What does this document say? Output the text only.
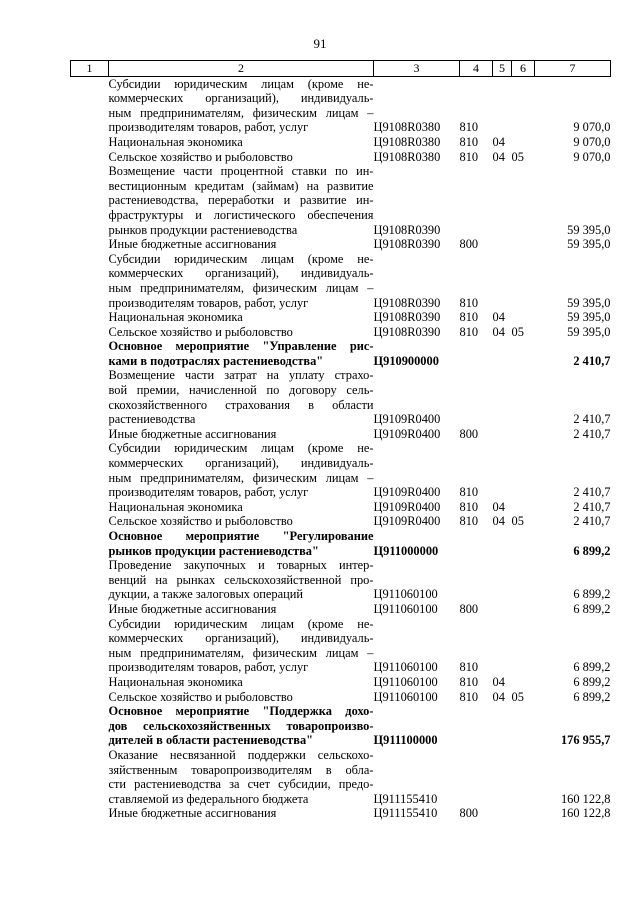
91
1	2	3	4	5	6	7

	Субсидии юридическим лицам (кроме не-
коммерческих организаций), индивидуаль-
ным предпринимателям, физическим лицам –
производителям товаров, работ, услуг	Ц9108R0380	810			9 070,0

	Национальная экономика	Ц9108R0380	810	04		9 070,0

	Сельское хозяйство и рыболовство	Ц9108R0380	810	04	05	9 070,0

	Возмещение части процентной ставки по ин-
вестиционным кредитам (займам) на развитие
растениеводства, переработки и развитие ин-
фраструктуры и логистического обеспечения
рынков продукции растениеводства	Ц9108R0390				59 395,0

	Иные бюджетные ассигнования	Ц9108R0390	800			59 395,0

	Субсидии юридическим лицам (кроме не-
коммерческих организаций), индивидуаль-
ным предпринимателям, физическим лицам –
производителям товаров, работ, услуг	Ц9108R0390	810			59 395,0

	Национальная экономика	Ц9108R0390	810	04		59 395,0

	Сельское хозяйство и рыболовство	Ц9108R0390	810	04	05	59 395,0

	Основное мероприятие "Управление рис-
ками в подотраслях растениеводства"	Ц910900000				2 410,7

	Возмещение части затрат на уплату страхо-
вой премии, начисленной по договору сель-
скохозяйственного страхования в области
растениеводства	Ц9109R0400				2 410,7

	Иные бюджетные ассигнования	Ц9109R0400	800			2 410,7

	Субсидии юридическим лицам (кроме не-
коммерческих организаций), индивидуаль-
ным предпринимателям, физическим лицам –
производителям товаров, работ, услуг	Ц9109R0400	810			2 410,7

	Национальная экономика	Ц9109R0400	810	04		2 410,7

	Сельское хозяйство и рыболовство	Ц9109R0400	810	04	05	2 410,7

	Основное мероприятие "Регулирование
рынков продукции растениеводства"	Ц911000000				6 899,2

	Проведение закупочных и товарных интер-
венций на рынках сельскохозяйственной про-
дукции, а также залоговых операций	Ц911060100				6 899,2

	Иные бюджетные ассигнования	Ц911060100	800			6 899,2

	Субсидии юридическим лицам (кроме не-
коммерческих организаций), индивидуаль-
ным предпринимателям, физическим лицам –
производителям товаров, работ, услуг	Ц911060100	810			6 899,2

	Национальная экономика	Ц911060100	810	04		6 899,2

	Сельское хозяйство и рыболовство	Ц911060100	810	04	05	6 899,2

	Основное мероприятие "Поддержка дохо-
дов сельскохозяйственных товаропроизво-
дителей в области растениеводства"	Ц911100000				176 955,7

	Оказание несвязанной поддержки сельскохо-
зяйственным товаропроизводителям в обла-
сти растениеводства за счет субсидии, предо-
ставляемой из федерального бюджета	Ц911155410				160 122,8

	Иные бюджетные ассигнования	Ц911155410	800			160 122,8
